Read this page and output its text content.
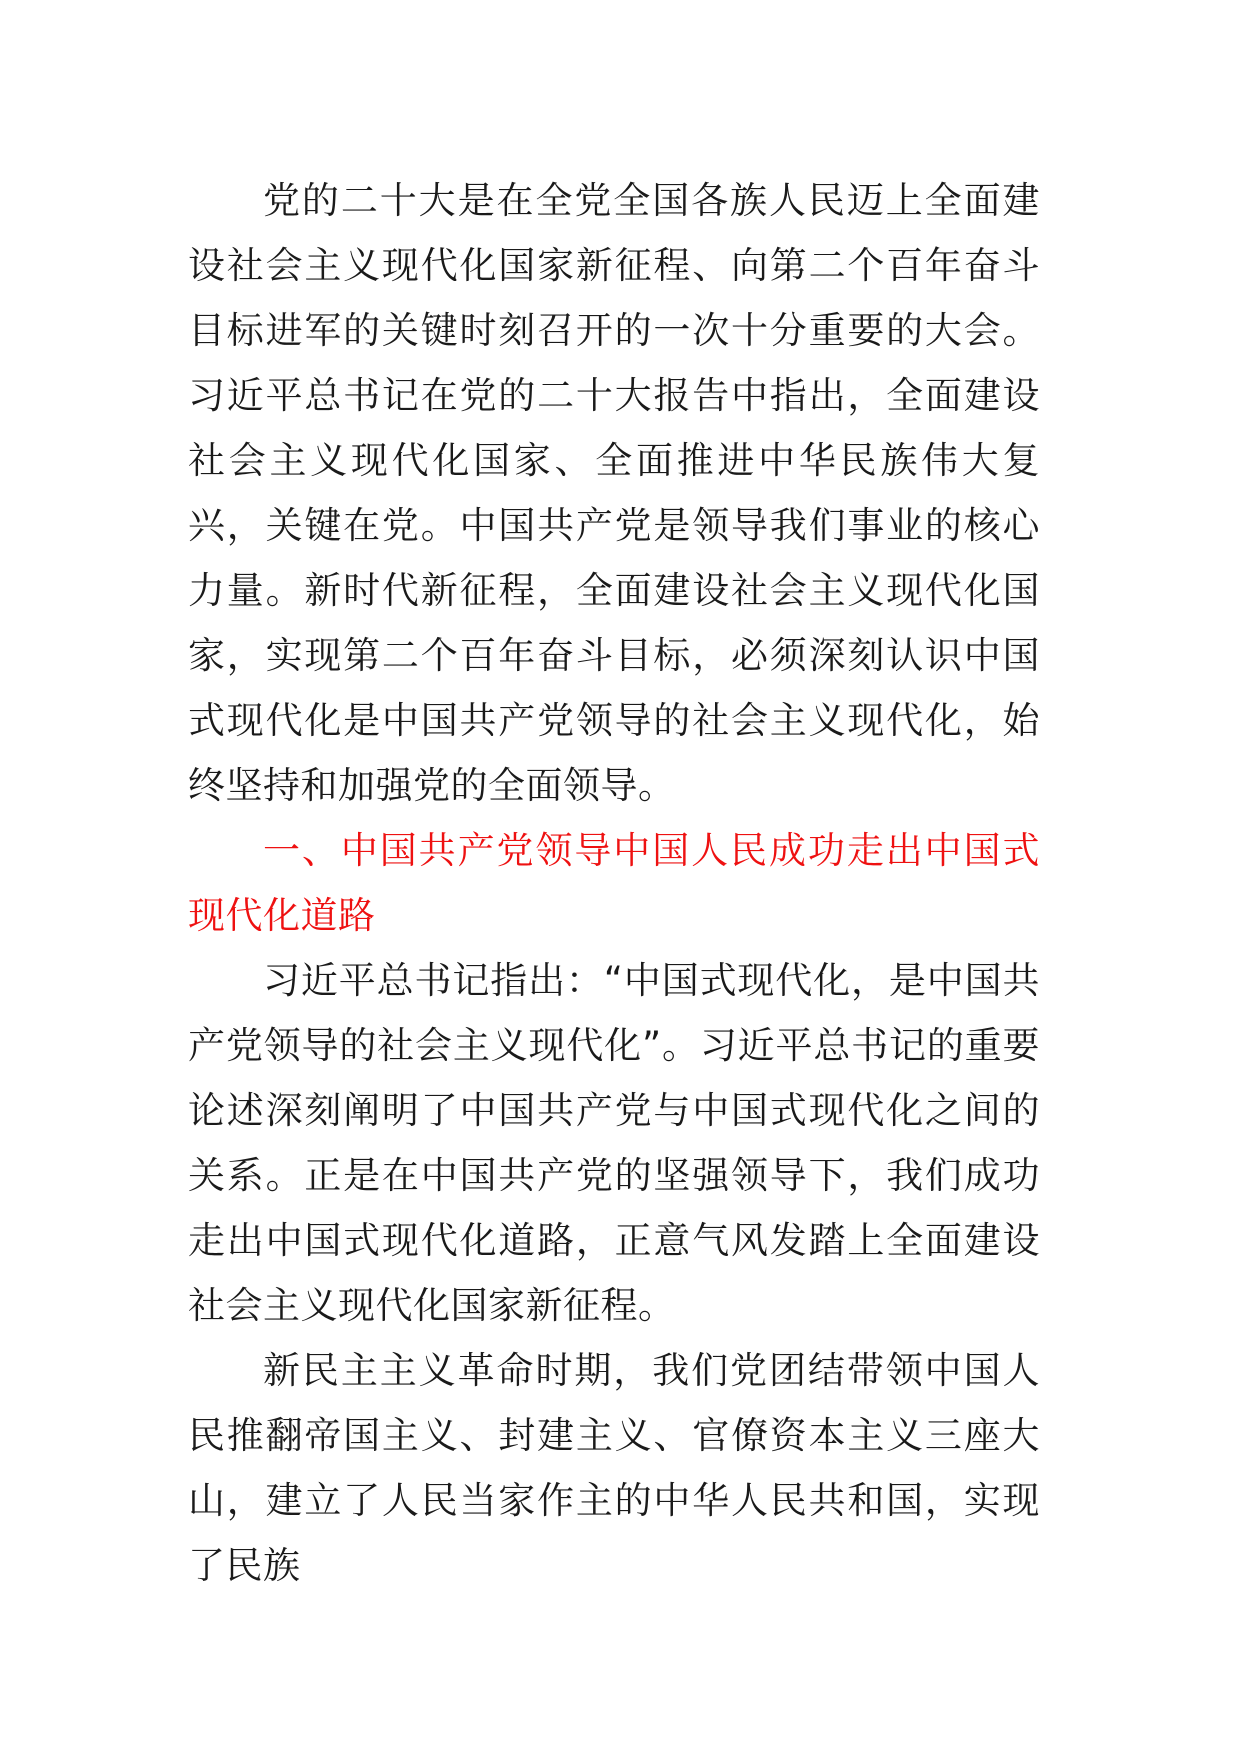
党的二十大是在全党全国各族人民迈上全面建设社会主义现代化国家新征程、向第二个百年奋斗目标进军的关键时刻召开的一次十分重要的大会。习近平总书记在党的二十大报告中指出，全面建设社会主义现代化国家、全面推进中华民族伟大复兴，关键在党。中国共产党是领导我们事业的核心力量。新时代新征程，全面建设社会主义现代化国家，实现第二个百年奋斗目标，必须深刻认识中国式现代化是中国共产党领导的社会主义现代化，始终坚持和加强党的全面领导。

一、中国共产党领导中国人民成功走出中国式现代化道路

习近平总书记指出：“中国式现代化，是中国共产党领导的社会主义现代化”。习近平总书记的重要论述深刻阐明了中国共产党与中国式现代化之间的关系。正是在中国共产党的坚强领导下，我们成功走出中国式现代化道路，正意气风发踏上全面建设社会主义现代化国家新征程。

新民主主义革命时期，我们党团结带领中国人民推翻帝国主义、封建主义、官僚资本主义三座大山，建立了人民当家作主的中华人民共和国，实现了民族
